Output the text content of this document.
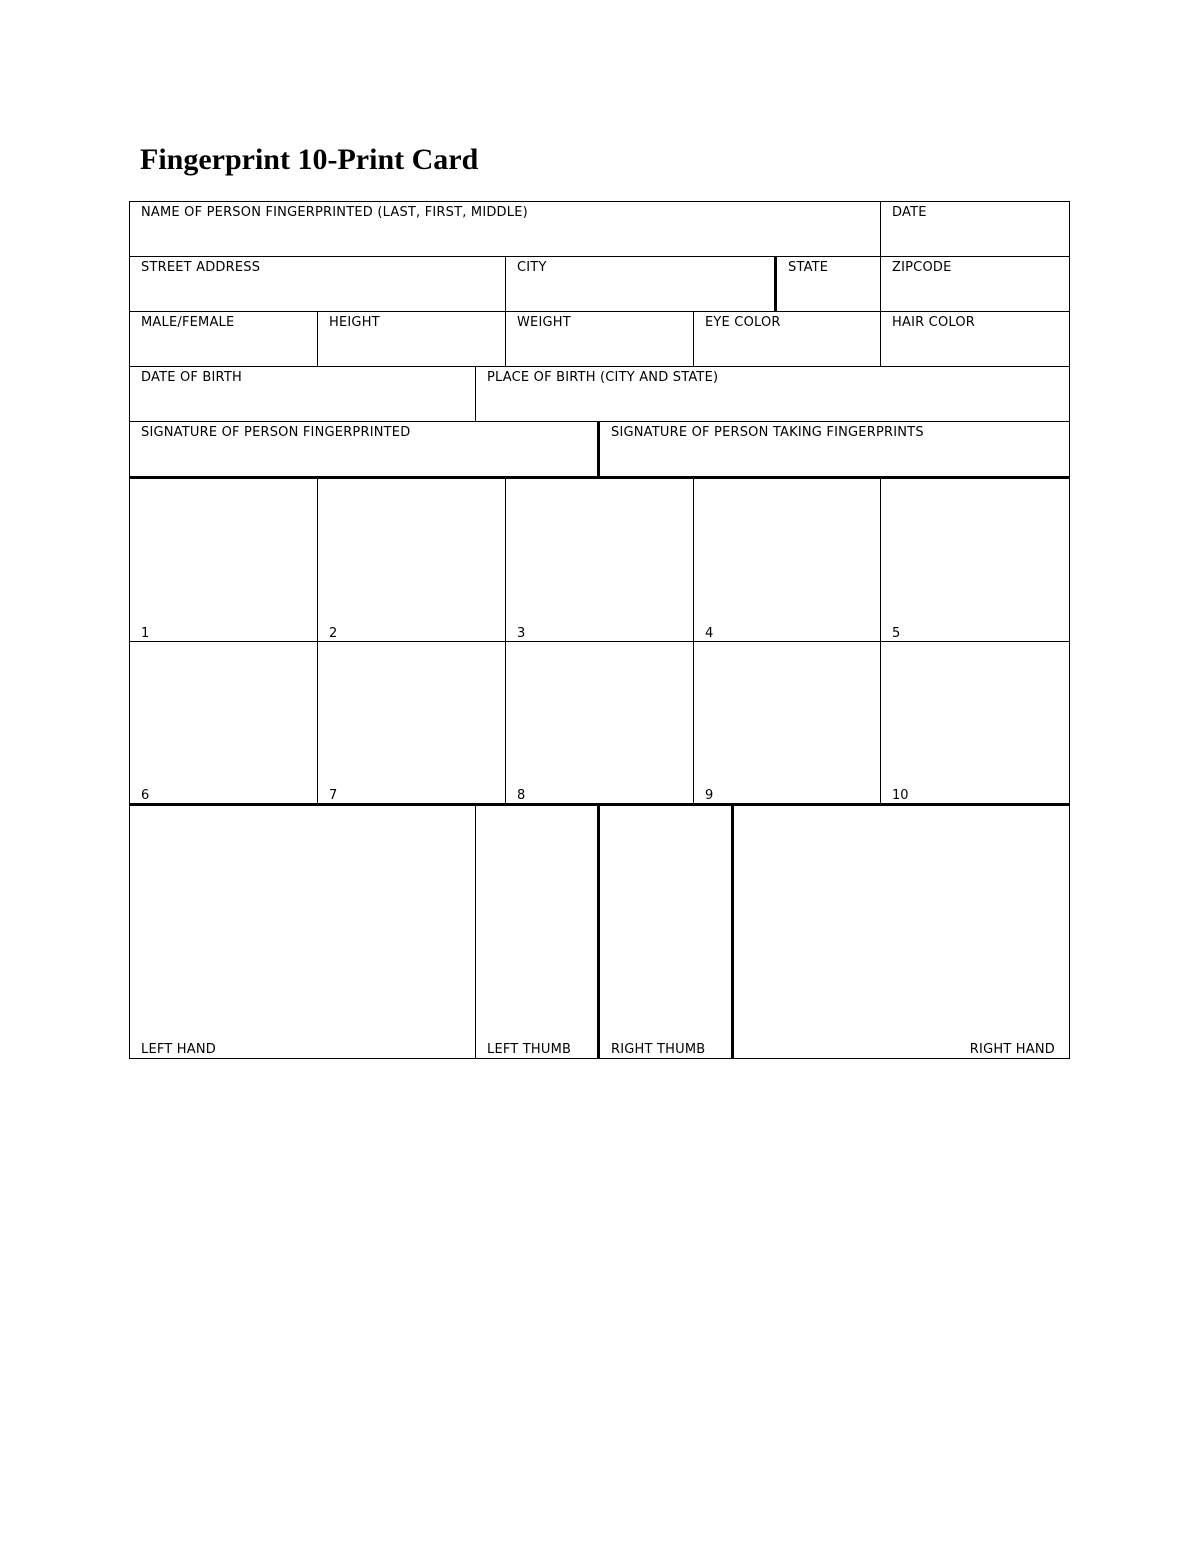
Fingerprint 10-Print Card
NAME OF PERSON FINGERPRINTED (LAST, FIRST, MIDDLE)	DATE
STREET ADDRESS	CITY	STATE	ZIPCODE
MALE/FEMALE	HEIGHT	WEIGHT	EYE COLOR	HAIR COLOR
DATE OF BIRTH	PLACE OF BIRTH (CITY AND STATE)
SIGNATURE OF PERSON FINGERPRINTED	SIGNATURE OF PERSON TAKING FINGERPRINTS
1	2	3	4	5
6	7	8	9	10
LEFT HAND	LEFT THUMB	RIGHT THUMB	RIGHT HAND
